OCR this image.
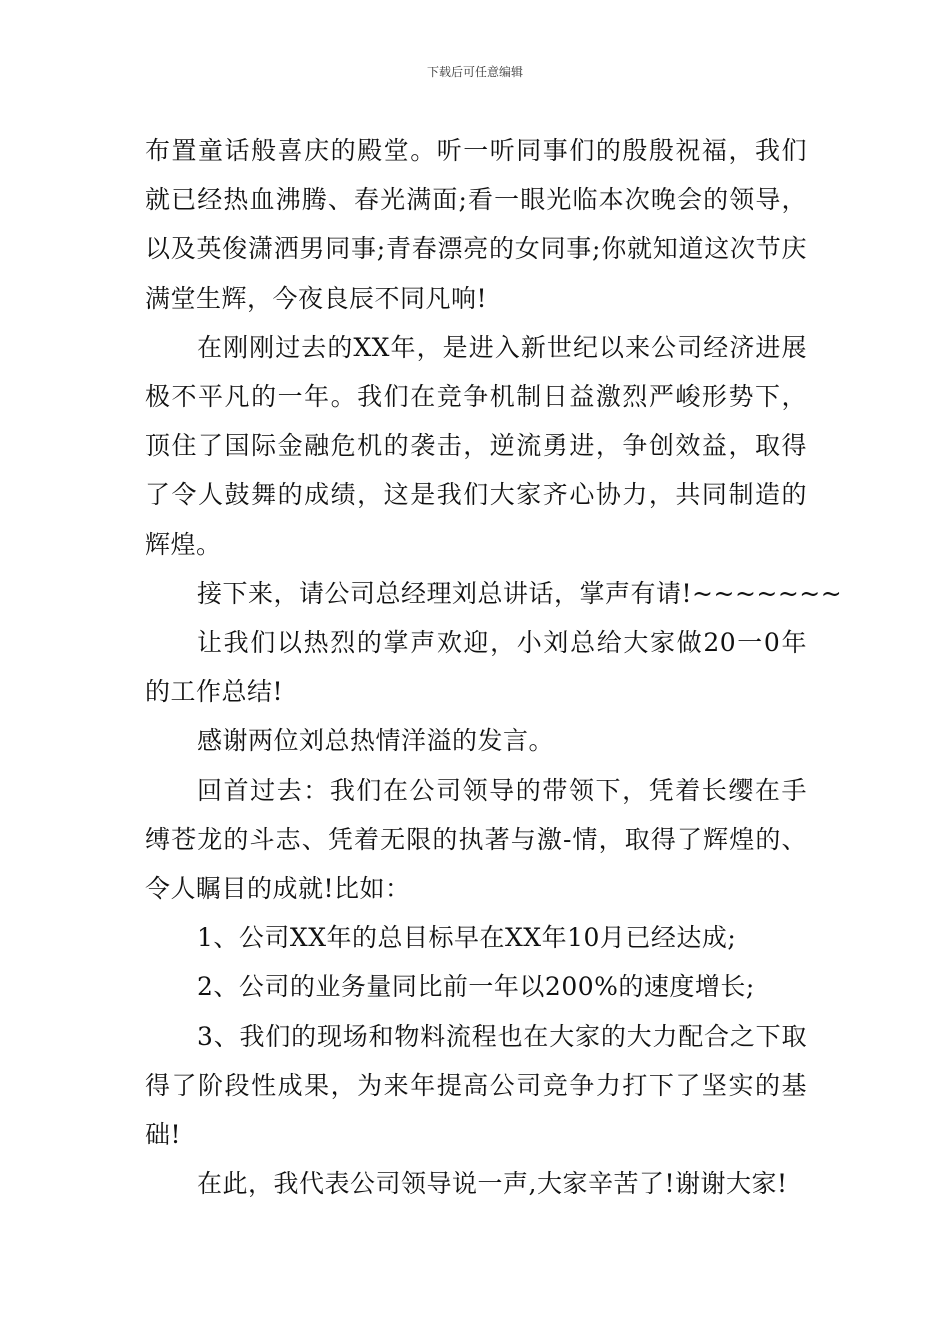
下载后可任意编辑

布置童话般喜庆的殿堂。听一听同事们的殷殷祝福，我们就已经热血沸腾、春光满面;看一眼光临本次晚会的领导，以及英俊潇洒男同事;青春漂亮的女同事;你就知道这次节庆满堂生辉，今夜良辰不同凡响!

在刚刚过去的XX年，是进入新世纪以来公司经济进展极不平凡的一年。我们在竞争机制日益激烈严峻形势下，顶住了国际金融危机的袭击，逆流勇进，争创效益，取得了令人鼓舞的成绩，这是我们大家齐心协力，共同制造的辉煌。

接下来，请公司总经理刘总讲话，掌声有请!~~~~~~~

让我们以热烈的掌声欢迎，小刘总给大家做20一0年的工作总结!

感谢两位刘总热情洋溢的发言。

回首过去：我们在公司领导的带领下，凭着长缨在手缚苍龙的斗志、凭着无限的执著与激-情，取得了辉煌的、令人瞩目的成就!比如：

1、公司XX年的总目标早在XX年10月已经达成;

2、公司的业务量同比前一年以200%的速度增长;

3、我们的现场和物料流程也在大家的大力配合之下取得了阶段性成果，为来年提高公司竞争力打下了坚实的基础!

在此，我代表公司领导说一声,大家辛苦了!谢谢大家!
